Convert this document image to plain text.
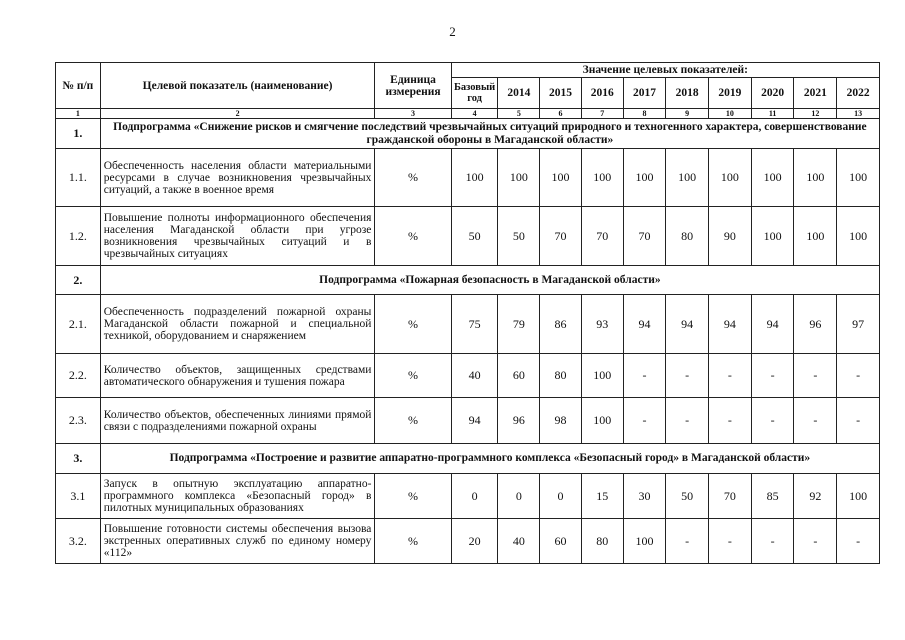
2
№ п/п	Целевой показатель (наименование)	Единица измерения	Значение целевых показателей:									
			Базовый год	2014	2015	2016	2017	2018	2019	2020	2021	2022
1	2	3	4	5	6	7	8	9	10	11	12	13
1.	Подпрограмма «Снижение рисков и смягчение последствий чрезвычайных ситуаций природного и техногенного характера, совершенствование гражданской обороны в Магаданской области»											
1.1.	Обеспеченность населения области материальными ресурсами в случае возникновения чрезвычайных ситуаций, а также в военное время	%	100	100	100	100	100	100	100	100	100	100
1.2.	Повышение полноты информационного обеспечения населения Магаданской области при угрозе возникновения чрезвычайных ситуаций и в чрезвычайных ситуациях	%	50	50	70	70	70	80	90	100	100	100
2.	Подпрограмма «Пожарная безопасность в Магаданской области»											
2.1.	Обеспеченность подразделений пожарной охраны Магаданской области пожарной и специальной техникой, оборудованием и снаряжением	%	75	79	86	93	94	94	94	94	96	97
2.2.	Количество объектов, защищенных средствами автоматического обнаружения и тушения пожара	%	40	60	80	100	-	-	-	-	-	-
2.3.	Количество объектов, обеспеченных линиями прямой связи с подразделениями пожарной охраны	%	94	96	98	100	-	-	-	-	-	-
3.	Подпрограмма «Построение и развитие аппаратно-программного комплекса «Безопасный город» в Магаданской области»											
3.1	Запуск в опытную эксплуатацию аппаратно-программного комплекса «Безопасный город» в пилотных муниципальных образованиях	%	0	0	0	15	30	50	70	85	92	100
3.2.	Повышение готовности системы обеспечения вызова экстренных оперативных служб по единому номеру «112»	%	20	40	60	80	100	-	-	-	-	-
